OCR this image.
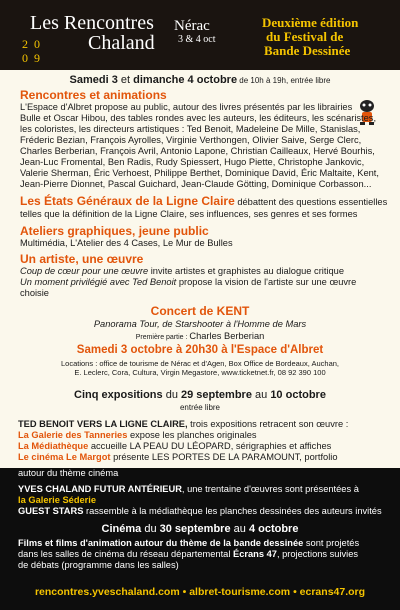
Les Rencontres
Chaland
20
09
Nérac
3 & 4 oct
Deuxième édition
du Festival de
Bande Dessinée
Samedi 3 et dimanche 4 octobre de 10h à 19h, entrée libre
Rencontres et animations
L'Espace d'Albret propose au public, autour des livres présentés par les librairies
Bulle et Oscar Hibou, des tables rondes avec les auteurs, les éditeurs, les scénaristes,
les coloristes, les directeurs artistiques : Ted Benoit, Madeleine De Mille, Stanislas,
Fréderic Bezian, François Ayrolles, Virginie Verthongen, Olivier Saive, Serge Clerc,
Charles Berberian, François Avril, Antonio Lapone, Christian Cailleaux, Hervé Bourhis,
Jean-Luc Fromental, Ben Radis, Rudy Spiessert, Hugo Piette, Christophe Jankovic,
Valerie Sherman, Éric Verhoest, Philippe Berthet, Dominique David, Éric Maltaite, Kent,
Jean-Pierre Dionnet, Pascal Guichard, Jean-Claude Götting, Dominique Corbasson...
Les États Généraux de la Ligne Claire débattent des questions essentielles
telles que la définition de la Ligne Claire, ses influences, ses genres et ses formes
Ateliers graphiques, jeune public
Multimédia, L'Atelier des 4 Cases, Le Mur de Bulles
Un artiste, une œuvre
Coup de cœur pour une œuvre invite artistes et graphistes au dialogue critique
Un moment privilégié avec Ted Benoit propose la vision de l'artiste sur une œuvre
choisie
Concert de KENT
Panorama Tour, de Starshooter à l'Homme de Mars
Première partie : Charles Berberian
Samedi 3 octobre à 20h30 à l'Espace d'Albret
Locations : office de tourisme de Nérac et d'Agen, Box Office de Bordeaux, Auchan,
E. Leclerc, Cora, Cultura, Virgin Megastore, www.ticketnet.fr, 08 92 390 100
Cinq expositions du 29 septembre au 10 octobre
entrée libre
TED BENOIT VERS LA LIGNE CLAIRE, trois expositions retracent son œuvre :
La Galerie des Tanneries expose les planches originales
La Médiathèque accueille LA PEAU DU LÉOPARD, sérigraphies et affiches
Le cinéma Le Margot présente LES PORTES DE LA PARAMOUNT, portfolio
autour du thème cinéma
YVES CHALAND FUTUR ANTÉRIEUR, une trentaine d'œuvres sont présentées à
la Galerie Séderie
GUEST STARS rassemble à la médiathèque les planches dessinées des auteurs invités
Cinéma du 30 septembre au 4 octobre
Films et films d'animation autour du thème de la bande dessinée sont projetés
dans les salles de cinéma du réseau départemental Écrans 47, projections suivies
de débats (programme dans les salles)
rencontres.yveschaland.com • albret-tourisme.com • ecrans47.org
